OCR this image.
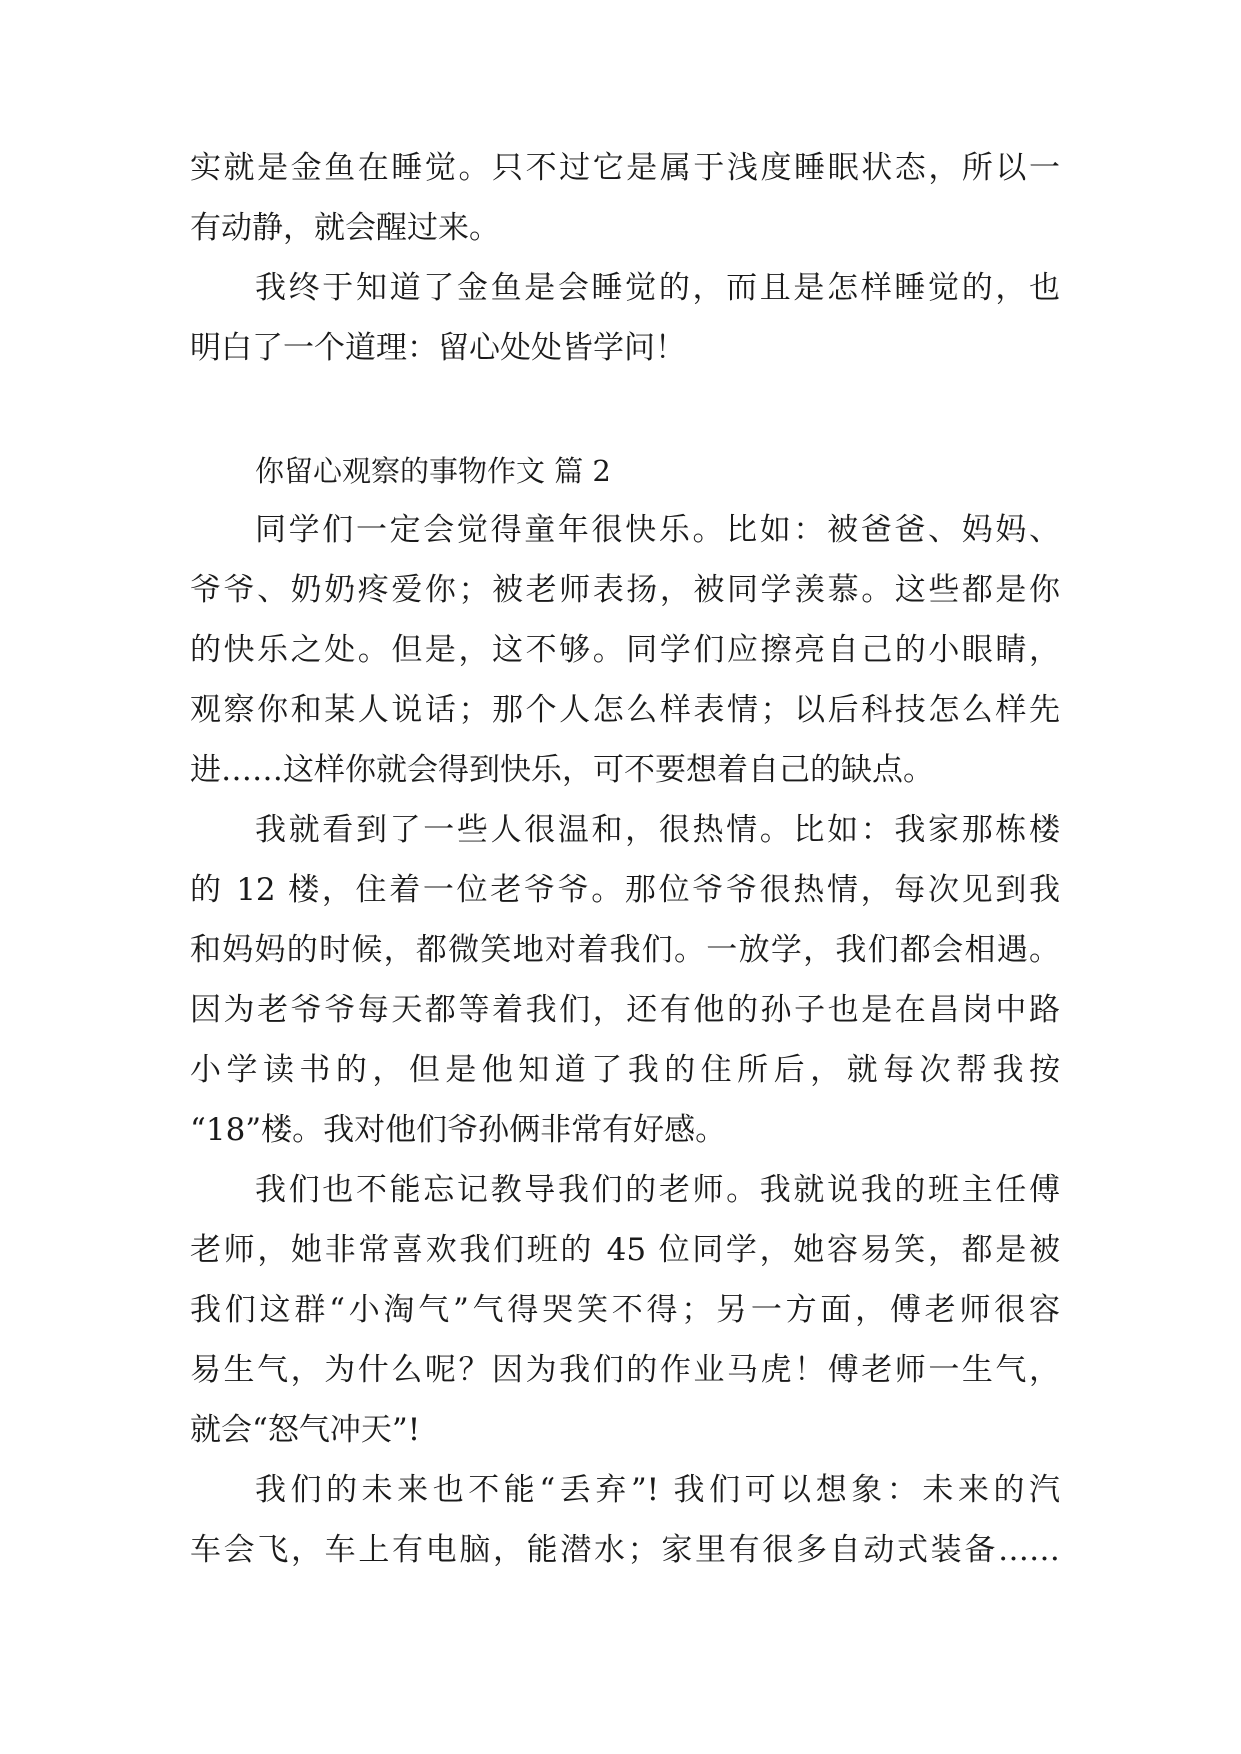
实就是金鱼在睡觉。只不过它是属于浅度睡眠状态，所以一
有动静，就会醒过来。
我终于知道了金鱼是会睡觉的，而且是怎样睡觉的，也
明白了一个道理：留心处处皆学问！
你留心观察的事物作文 篇 2
同学们一定会觉得童年很快乐。比如：被爸爸、妈妈、
爷爷、奶奶疼爱你；被老师表扬，被同学羡慕。这些都是你
的快乐之处。但是，这不够。同学们应擦亮自己的小眼睛，
观察你和某人说话；那个人怎么样表情；以后科技怎么样先
进……这样你就会得到快乐，可不要想着自己的缺点。
我就看到了一些人很温和，很热情。比如：我家那栋楼
的 12 楼，住着一位老爷爷。那位爷爷很热情，每次见到我
和妈妈的时候，都微笑地对着我们。一放学，我们都会相遇。
因为老爷爷每天都等着我们，还有他的孙子也是在昌岗中路
小学读书的，但是他知道了我的住所后，就每次帮我按
“18”楼。我对他们爷孙俩非常有好感。
我们也不能忘记教导我们的老师。我就说我的班主任傅
老师，她非常喜欢我们班的 45 位同学，她容易笑，都是被
我们这群“小淘气”气得哭笑不得；另一方面，傅老师很容
易生气，为什么呢？因为我们的作业马虎！傅老师一生气，
就会“怒气冲天”!
我们的未来也不能“丢弃”! 我们可以想象：未来的汽
车会飞，车上有电脑，能潜水；家里有很多自动式装备……
